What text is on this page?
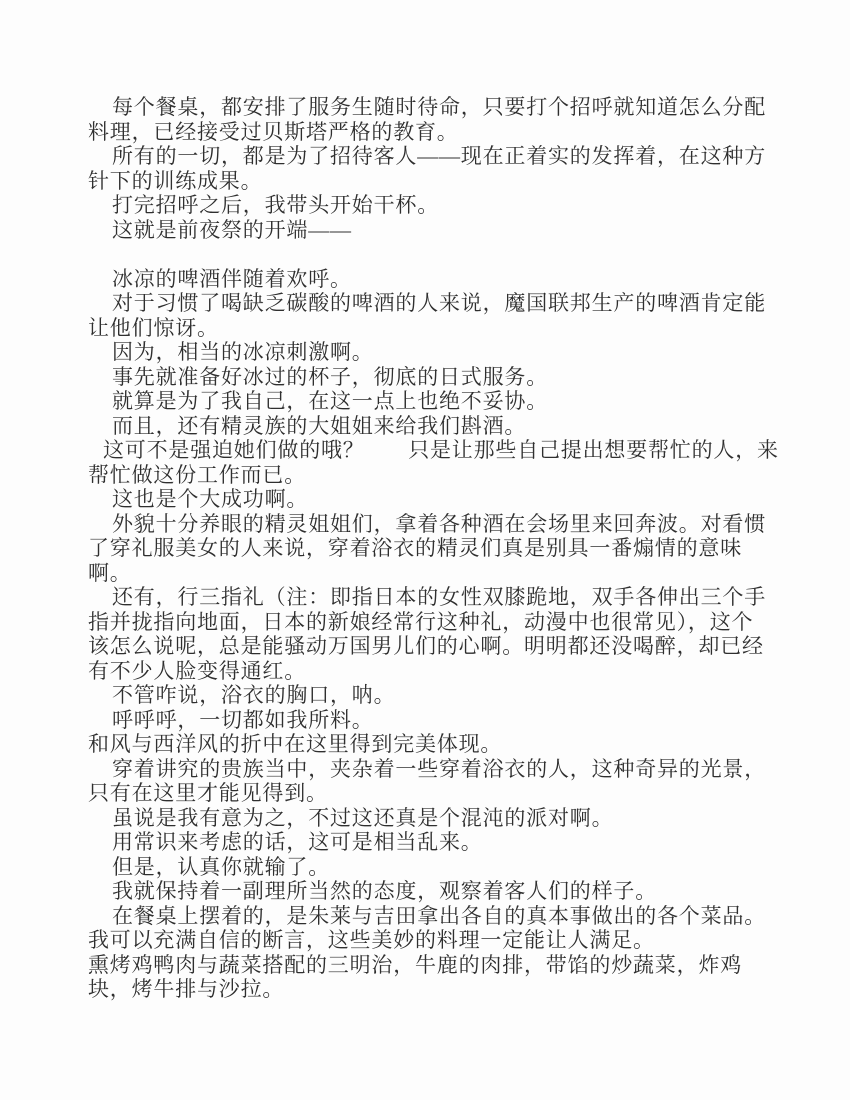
每个餐桌，都安排了服务生随时待命，只要打个招呼就知道怎么分配
料理，已经接受过贝斯塔严格的教育。
所有的一切，都是为了招待客人——现在正着实的发挥着，在这种方
针下的训练成果。
打完招呼之后，我带头开始干杯。
这就是前夜祭的开端——

冰凉的啤酒伴随着欢呼。
对于习惯了喝缺乏碳酸的啤酒的人来说，魔国联邦生产的啤酒肯定能
让他们惊讶。
因为，相当的冰凉刺激啊。
事先就准备好冰过的杯子，彻底的日式服务。
就算是为了我自己，在这一点上也绝不妥协。
而且，还有精灵族的大姐姐来给我们斟酒。
这可不是强迫她们做的哦？　　只是让那些自己提出想要帮忙的人，来
帮忙做这份工作而已。
这也是个大成功啊。
外貌十分养眼的精灵姐姐们，拿着各种酒在会场里来回奔波。对看惯
了穿礼服美女的人来说，穿着浴衣的精灵们真是别具一番煽情的意味
啊。
还有，行三指礼（注：即指日本的女性双膝跪地，双手各伸出三个手
指并拢指向地面，日本的新娘经常行这种礼，动漫中也很常见），这个
该怎么说呢，总是能骚动万国男儿们的心啊。明明都还没喝醉，却已经
有不少人脸变得通红。
不管咋说，浴衣的胸口，呐。
呼呼呼，一切都如我所料。
和风与西洋风的折中在这里得到完美体现。
穿着讲究的贵族当中，夹杂着一些穿着浴衣的人，这种奇异的光景，
只有在这里才能见得到。
虽说是我有意为之，不过这还真是个混沌的派对啊。
用常识来考虑的话，这可是相当乱来。
但是，认真你就输了。
我就保持着一副理所当然的态度，观察着客人们的样子。
在餐桌上摆着的，是朱莱与吉田拿出各自的真本事做出的各个菜品。
我可以充满自信的断言，这些美妙的料理一定能让人满足。
熏烤鸡鸭肉与蔬菜搭配的三明治，牛鹿的肉排，带馅的炒蔬菜，炸鸡
块，烤牛排与沙拉。
